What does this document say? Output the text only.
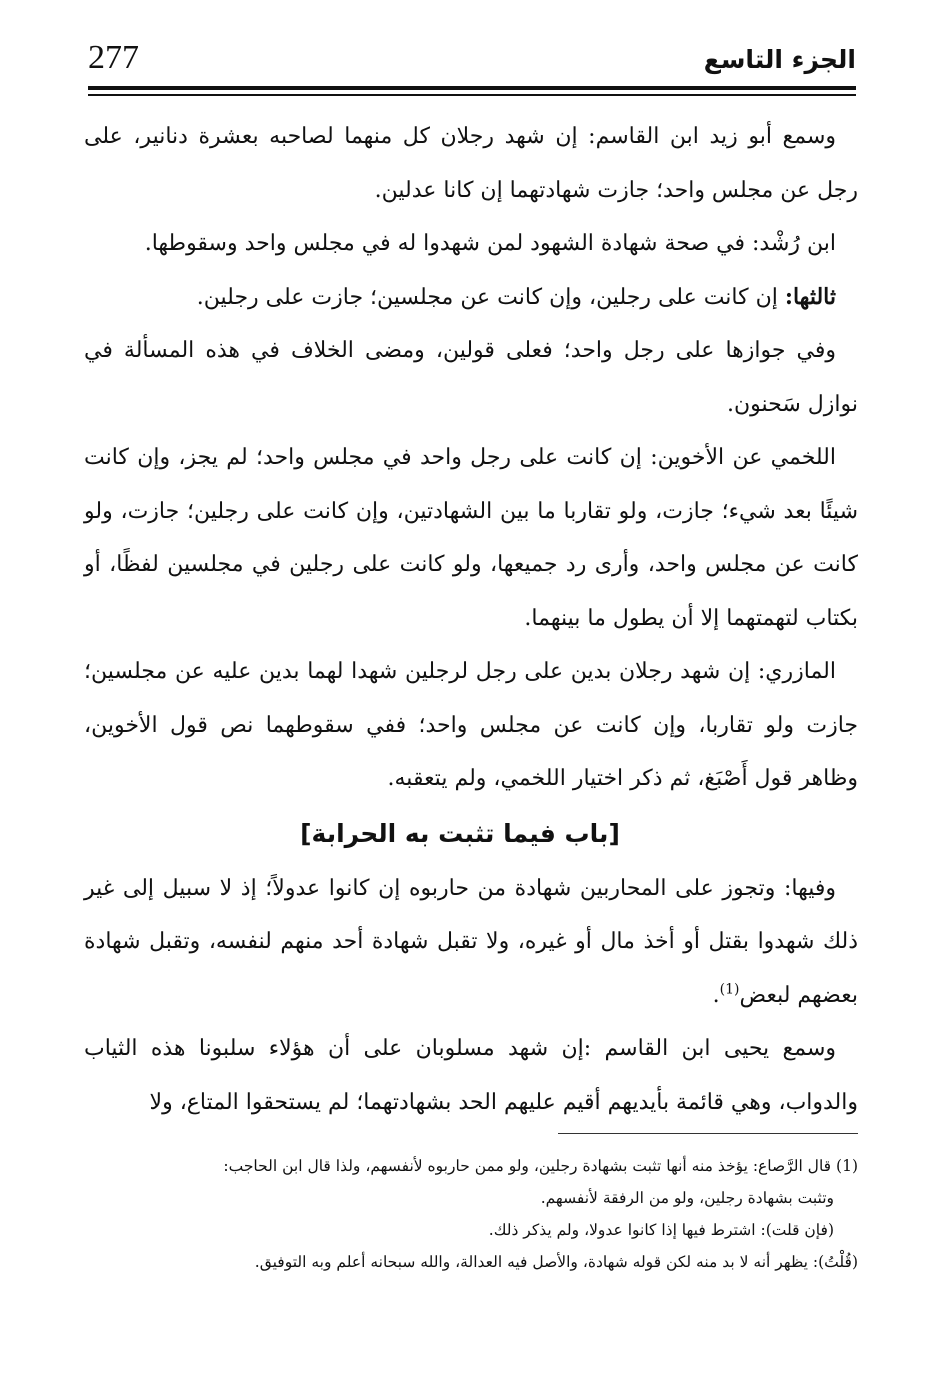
277	الجزء التاسع

وسمع أبو زيد ابن القاسم: إن شهد رجلان كل منهما لصاحبه بعشرة دنانير، على رجل عن مجلس واحد؛ جازت شهادتهما إن كانا عدلين.

ابن رُشْد: في صحة شهادة الشهود لمن شهدوا له في مجلس واحد وسقوطها.

ثالثها: إن كانت على رجلين، وإن كانت عن مجلسين؛ جازت على رجلين.

وفي جوازها على رجل واحد؛ فعلى قولين، ومضى الخلاف في هذه المسألة في نوازل سَحنون.

اللخمي عن الأخوين: إن كانت على رجل واحد في مجلس واحد؛ لم يجز، وإن كانت شيئًا بعد شيء؛ جازت، ولو تقاربا ما بين الشهادتين، وإن كانت على رجلين؛ جازت، ولو كانت عن مجلس واحد، وأرى رد جميعها، ولو كانت على رجلين في مجلسين لفظًا، أو بكتاب لتهمتهما إلا أن يطول ما بينهما.

المازري: إن شهد رجلان بدين على رجل لرجلين شهدا لهما بدين عليه عن مجلسين؛ جازت ولو تقاربا، وإن كانت عن مجلس واحد؛ ففي سقوطهما نص قول الأخوين، وظاهر قول أَصْبَغ، ثم ذكر اختيار اللخمي، ولم يتعقبه.

[باب فيما تثبت به الحرابة]

وفيها: وتجوز على المحاربين شهادة من حاربوه إن كانوا عدولاً؛ إذ لا سبيل إلى غير ذلك شهدوا بقتل أو أخذ مال أو غيره، ولا تقبل شهادة أحد منهم لنفسه، وتقبل شهادة بعضهم لبعض$^{(1)}$.

وسمع يحيى ابن القاسم :إن شهد مسلوبان على أن هؤلاء سلبونا هذه الثياب والدواب، وهي قائمة بأيديهم أقيم عليهم الحد بشهادتهما؛ لم يستحقوا المتاع، ولا

(1) قال الرَّصاع: يؤخذ منه أنها تثبت بشهادة رجلين، ولو ممن حاربوه لأنفسهم، ولذا قال ابن الحاجب:

وتثبت بشهادة رجلين، ولو من الرفقة لأنفسهم.

(فإن قلت): اشترط فيها إذا كانوا عدولا، ولم يذكر ذلك.

(قُلْتُ): يظهر أنه لا بد منه لكن قوله شهادة، والأصل فيه العدالة، والله سبحانه أعلم وبه التوفيق.
